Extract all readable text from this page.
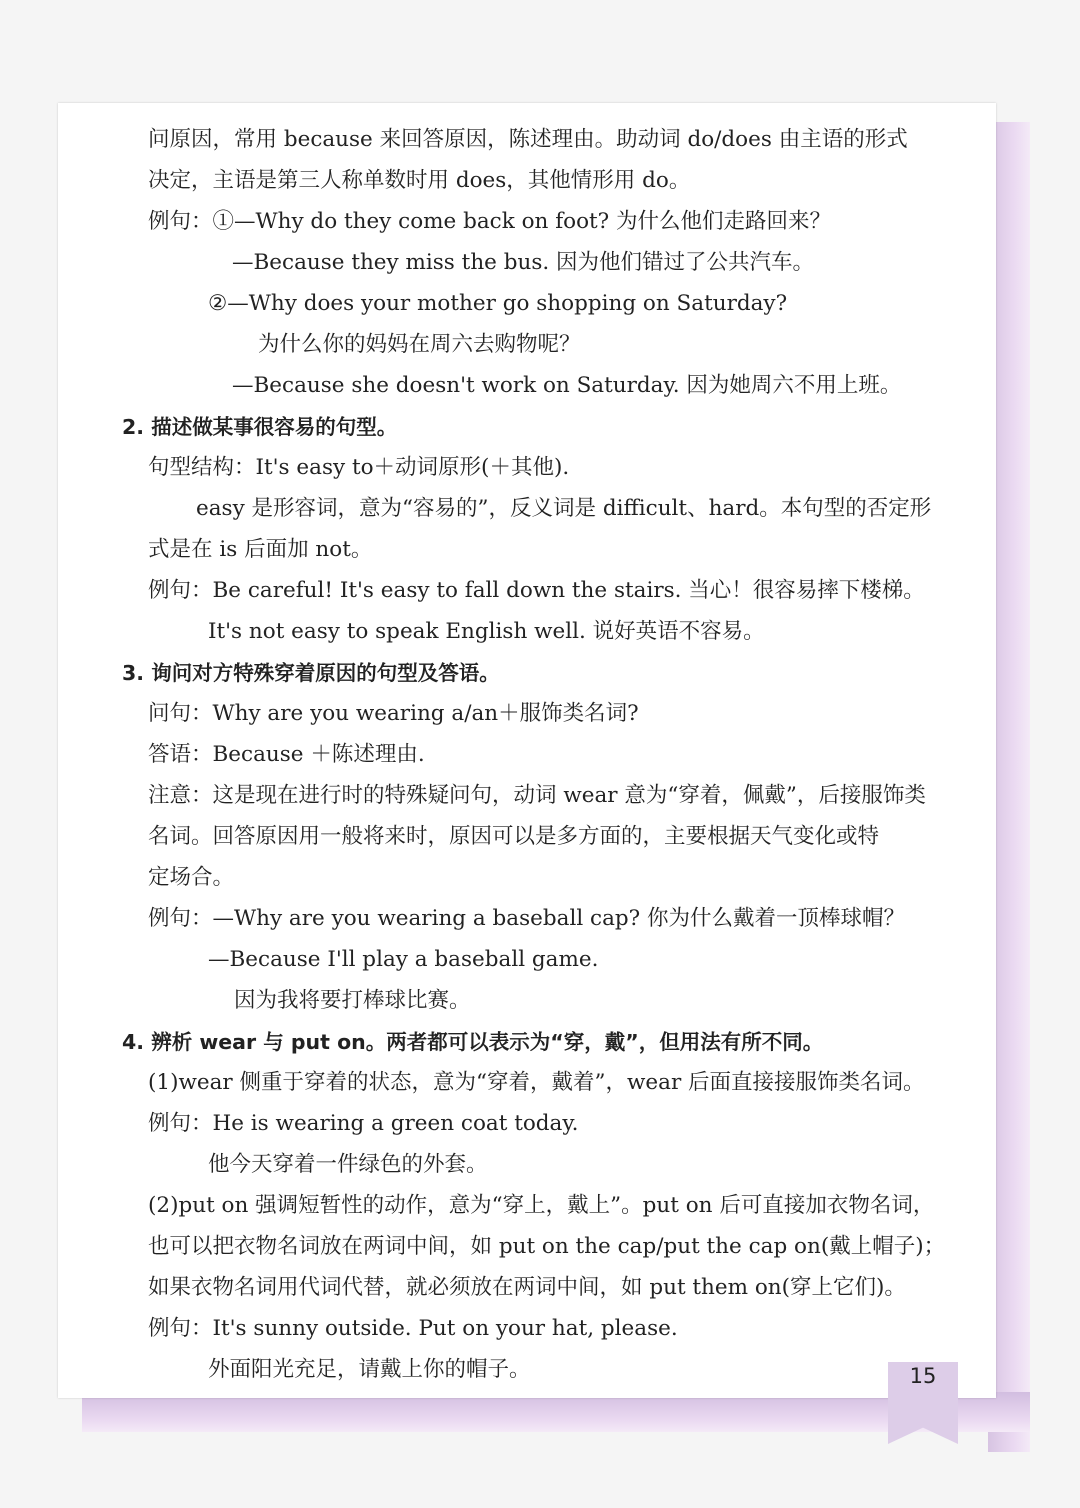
问原因，常用 because 来回答原因，陈述理由。助动词 do/does 由主语的形式
决定，主语是第三人称单数时用 does，其他情形用 do。
例句：①—Why do they come back on foot? 为什么他们走路回来？
—Because they miss the bus. 因为他们错过了公共汽车。
②—Why does your mother go shopping on Saturday?
为什么你的妈妈在周六去购物呢？
—Because she doesn't work on Saturday. 因为她周六不用上班。
2. 描述做某事很容易的句型。
句型结构：It's easy to＋动词原形(＋其他).
easy 是形容词，意为“容易的”，反义词是 difficult、hard。本句型的否定形
式是在 is 后面加 not。
例句：Be careful! It's easy to fall down the stairs. 当心！很容易摔下楼梯。
It's not easy to speak English well. 说好英语不容易。
3. 询问对方特殊穿着原因的句型及答语。
问句：Why are you wearing a/an＋服饰类名词?
答语：Because ＋陈述理由.
注意：这是现在进行时的特殊疑问句，动词 wear 意为“穿着，佩戴”，后接服饰类
名词。回答原因用一般将来时，原因可以是多方面的，主要根据天气变化或特
定场合。
例句：—Why are you wearing a baseball cap? 你为什么戴着一顶棒球帽？
—Because I'll play a baseball game.
因为我将要打棒球比赛。
4. 辨析 wear 与 put on。两者都可以表示为“穿，戴”，但用法有所不同。
(1)wear 侧重于穿着的状态，意为“穿着，戴着”，wear 后面直接接服饰类名词。
例句：He is wearing a green coat today.
他今天穿着一件绿色的外套。
(2)put on 强调短暂性的动作，意为“穿上，戴上”。put on 后可直接加衣物名词，
也可以把衣物名词放在两词中间，如 put on the cap/put the cap on(戴上帽子)；
如果衣物名词用代词代替，就必须放在两词中间，如 put them on(穿上它们)。
例句：It's sunny outside. Put on your hat, please.
外面阳光充足，请戴上你的帽子。	15
